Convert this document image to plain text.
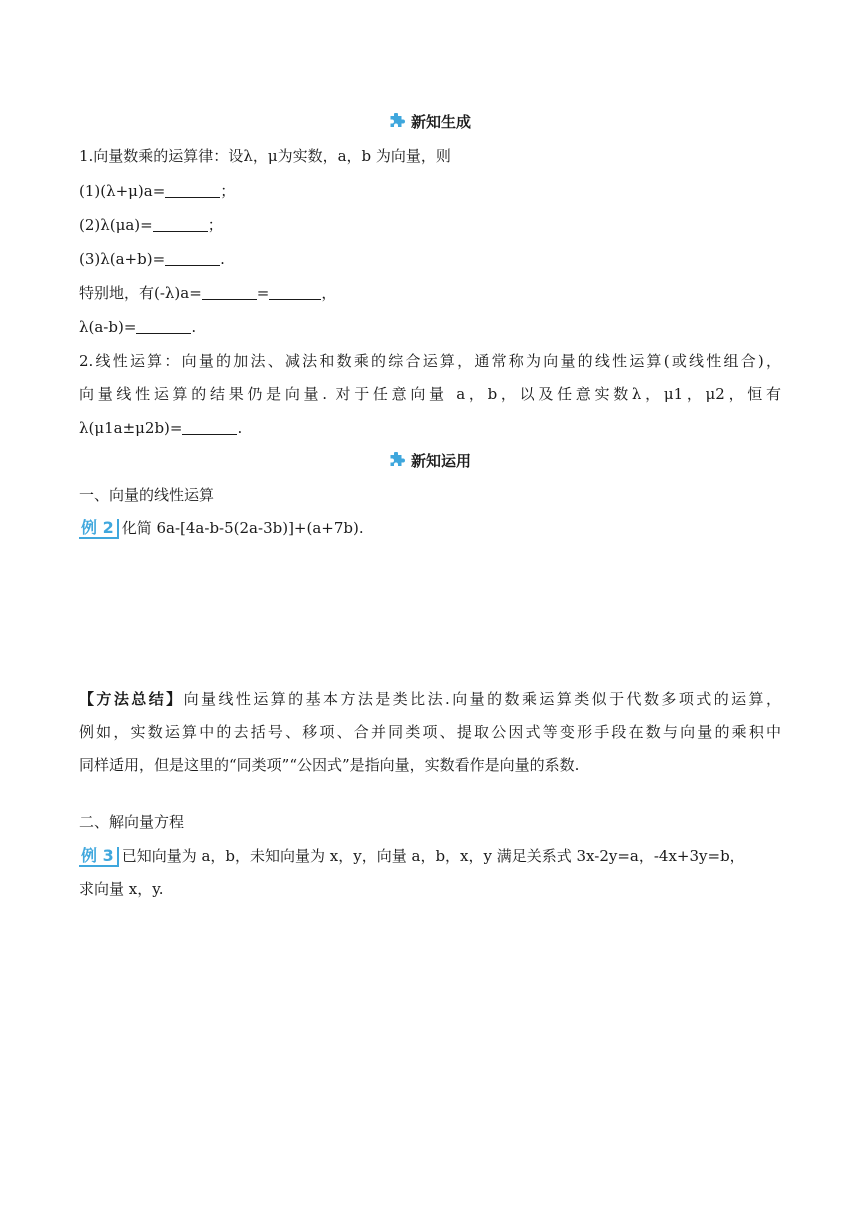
新知生成
1.向量数乘的运算律：设λ，μ为实数，a，b 为向量，则
(1)(λ+μ)a=	；
(2)λ(μa)=	；
(3)λ(a+b)=	.
特别地，有(-λ)a=	=	，
λ(a-b)=	.
2.线性运算：向量的加法、减法和数乘的综合运算，通常称为向量的线性运算(或线性组合)，
向量线性运算的结果仍是向量. 对于任意向量 a，b，以及任意实数λ，μ1，μ2，恒有
λ(μ1a±μ2b)=	.
新知运用
一、向量的线性运算
例 2 化简 6a-[4a-b-5(2a-3b)]+(a+7b).
【方法总结】向量线性运算的基本方法是类比法.向量的数乘运算类似于代数多项式的运算，
例如，实数运算中的去括号、移项、合并同类项、提取公因式等变形手段在数与向量的乘积中
同样适用，但是这里的“同类项”“公因式”是指向量，实数看作是向量的系数.
二、解向量方程
例 3 已知向量为 a，b，未知向量为 x，y，向量 a，b，x，y 满足关系式 3x-2y=a，-4x+3y=b，
求向量 x，y.
